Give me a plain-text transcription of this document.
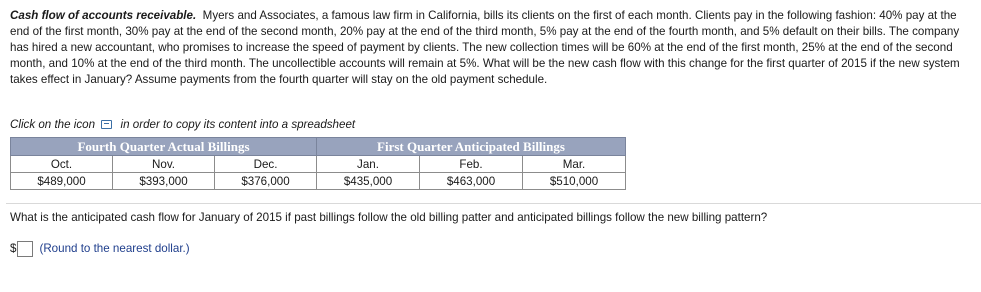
Cash flow of accounts receivable. Myers and Associates, a famous law firm in California, bills its clients on the first of each month. Clients pay in the following fashion: 40% pay at the end of the first month, 30% pay at the end of the second month, 20% pay at the end of the third month, 5% pay at the end of the fourth month, and 5% default on their bills. The company has hired a new accountant, who promises to increase the speed of payment by clients. The new collection times will be 60% at the end of the first month, 25% at the end of the second month, and 10% at the end of the third month. The uncollectible accounts will remain at 5%. What will be the new cash flow with this change for the first quarter of 2015 if the new system takes effect in January? Assume payments from the fourth quarter will stay on the old payment schedule.
Click on the icon in order to copy its content into a spreadsheet
Fourth Quarter Actual Billings			First Quarter Anticipated Billings		
Oct.	Nov.	Dec.	Jan.	Feb.	Mar.
$489,000	$393,000	$376,000	$435,000	$463,000	$510,000
What is the anticipated cash flow for January of 2015 if past billings follow the old billing patter and anticipated billings follow the new billing pattern?
$ (Round to the nearest dollar.)
